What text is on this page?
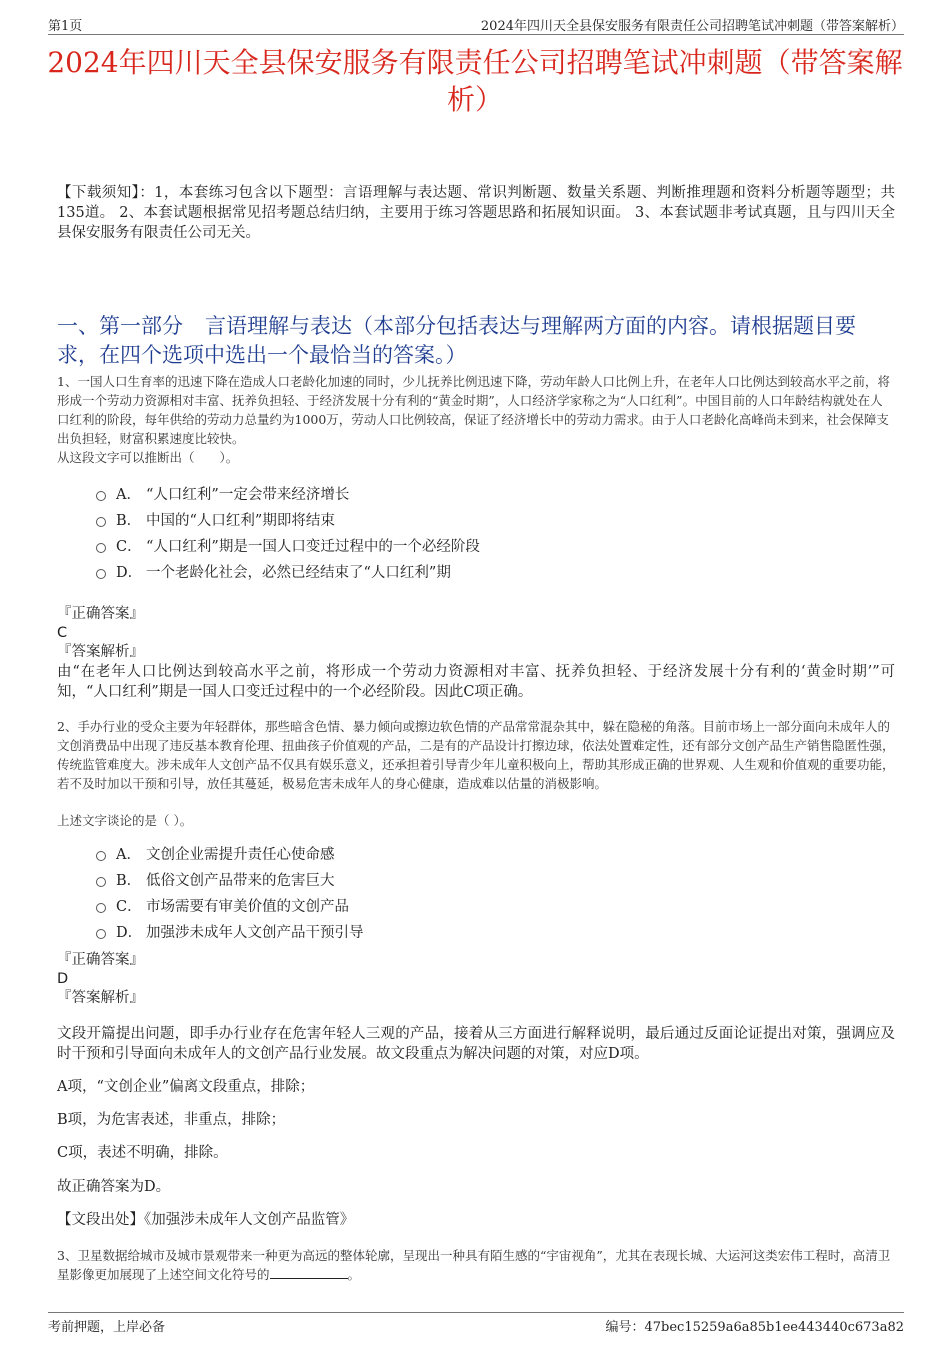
第1页	2024年四川天全县保安服务有限责任公司招聘笔试冲刺题（带答案解析）
2024年四川天全县保安服务有限责任公司招聘笔试冲刺题（带答案解析）
【下载须知】：1，本套练习包含以下题型：言语理解与表达题、常识判断题、数量关系题、判断推理题和资料分析题等题型；共135道。 2、本套试题根据常见招考题总结归纳，主要用于练习答题思路和拓展知识面。 3、本套试题非考试真题，且与四川天全县保安服务有限责任公司无关。
一、第一部分 言语理解与表达（本部分包括表达与理解两方面的内容。请根据题目要求，在四个选项中选出一个最恰当的答案。）
1、一国人口生育率的迅速下降在造成人口老龄化加速的同时，少儿抚养比例迅速下降，劳动年龄人口比例上升，在老年人口比例达到较高水平之前，将形成一个劳动力资源相对丰富、抚养负担轻、于经济发展十分有利的“黄金时期”，人口经济学家称之为“人口红利”。中国目前的人口年龄结构就处在人口红利的阶段，每年供给的劳动力总量约为1000万，劳动人口比例较高，保证了经济增长中的劳动力需求。由于人口老龄化高峰尚未到来，社会保障支出负担轻，财富积累速度比较快。
从这段文字可以推断出（　　）。
A． “人口红利”一定会带来经济增长
B． 中国的“人口红利”期即将结束
C． “人口红利”期是一国人口变迁过程中的一个必经阶段
D． 一个老龄化社会，必然已经结束了“人口红利”期
『正确答案』
C
『答案解析』
由“在老年人口比例达到较高水平之前，将形成一个劳动力资源相对丰富、抚养负担轻、于经济发展十分有利的‘黄金时期’”可知，“人口红利”期是一国人口变迁过程中的一个必经阶段。因此C项正确。
2、手办行业的受众主要为年轻群体，那些暗含色情、暴力倾向或擦边软色情的产品常常混杂其中，躲在隐秘的角落。目前市场上一部分面向未成年人的文创消费品中出现了违反基本教育伦理、扭曲孩子价值观的产品，二是有的产品设计打擦边球，依法处置难定性，还有部分文创产品生产销售隐匿性强，传统监管难度大。涉未成年人文创产品不仅具有娱乐意义，还承担着引导青少年儿童积极向上，帮助其形成正确的世界观、人生观和价值观的重要功能，若不及时加以干预和引导，放任其蔓延，极易危害未成年人的身心健康，造成难以估量的消极影响。
上述文字谈论的是（ ）。
A． 文创企业需提升责任心使命感
B． 低俗文创产品带来的危害巨大
C． 市场需要有审美价值的文创产品
D． 加强涉未成年人文创产品干预引导
『正确答案』
D
『答案解析』
文段开篇提出问题，即手办行业存在危害年轻人三观的产品，接着从三方面进行解释说明，最后通过反面论证提出对策，强调应及时干预和引导面向未成年人的文创产品行业发展。故文段重点为解决问题的对策，对应D项。
A项，“文创企业”偏离文段重点，排除；
B项，为危害表述，非重点，排除；
C项，表述不明确，排除。
故正确答案为D。
【文段出处】《加强涉未成年人文创产品监管》
3、卫星数据给城市及城市景观带来一种更为高远的整体轮廓，呈现出一种具有陌生感的“宇宙视角”，尤其在表现长城、大运河这类宏伟工程时，高清卫星影像更加展现了上述空间文化符号的	。
考前押题，上岸必备	编号：47bec15259a6a85b1ee443440c673a82
